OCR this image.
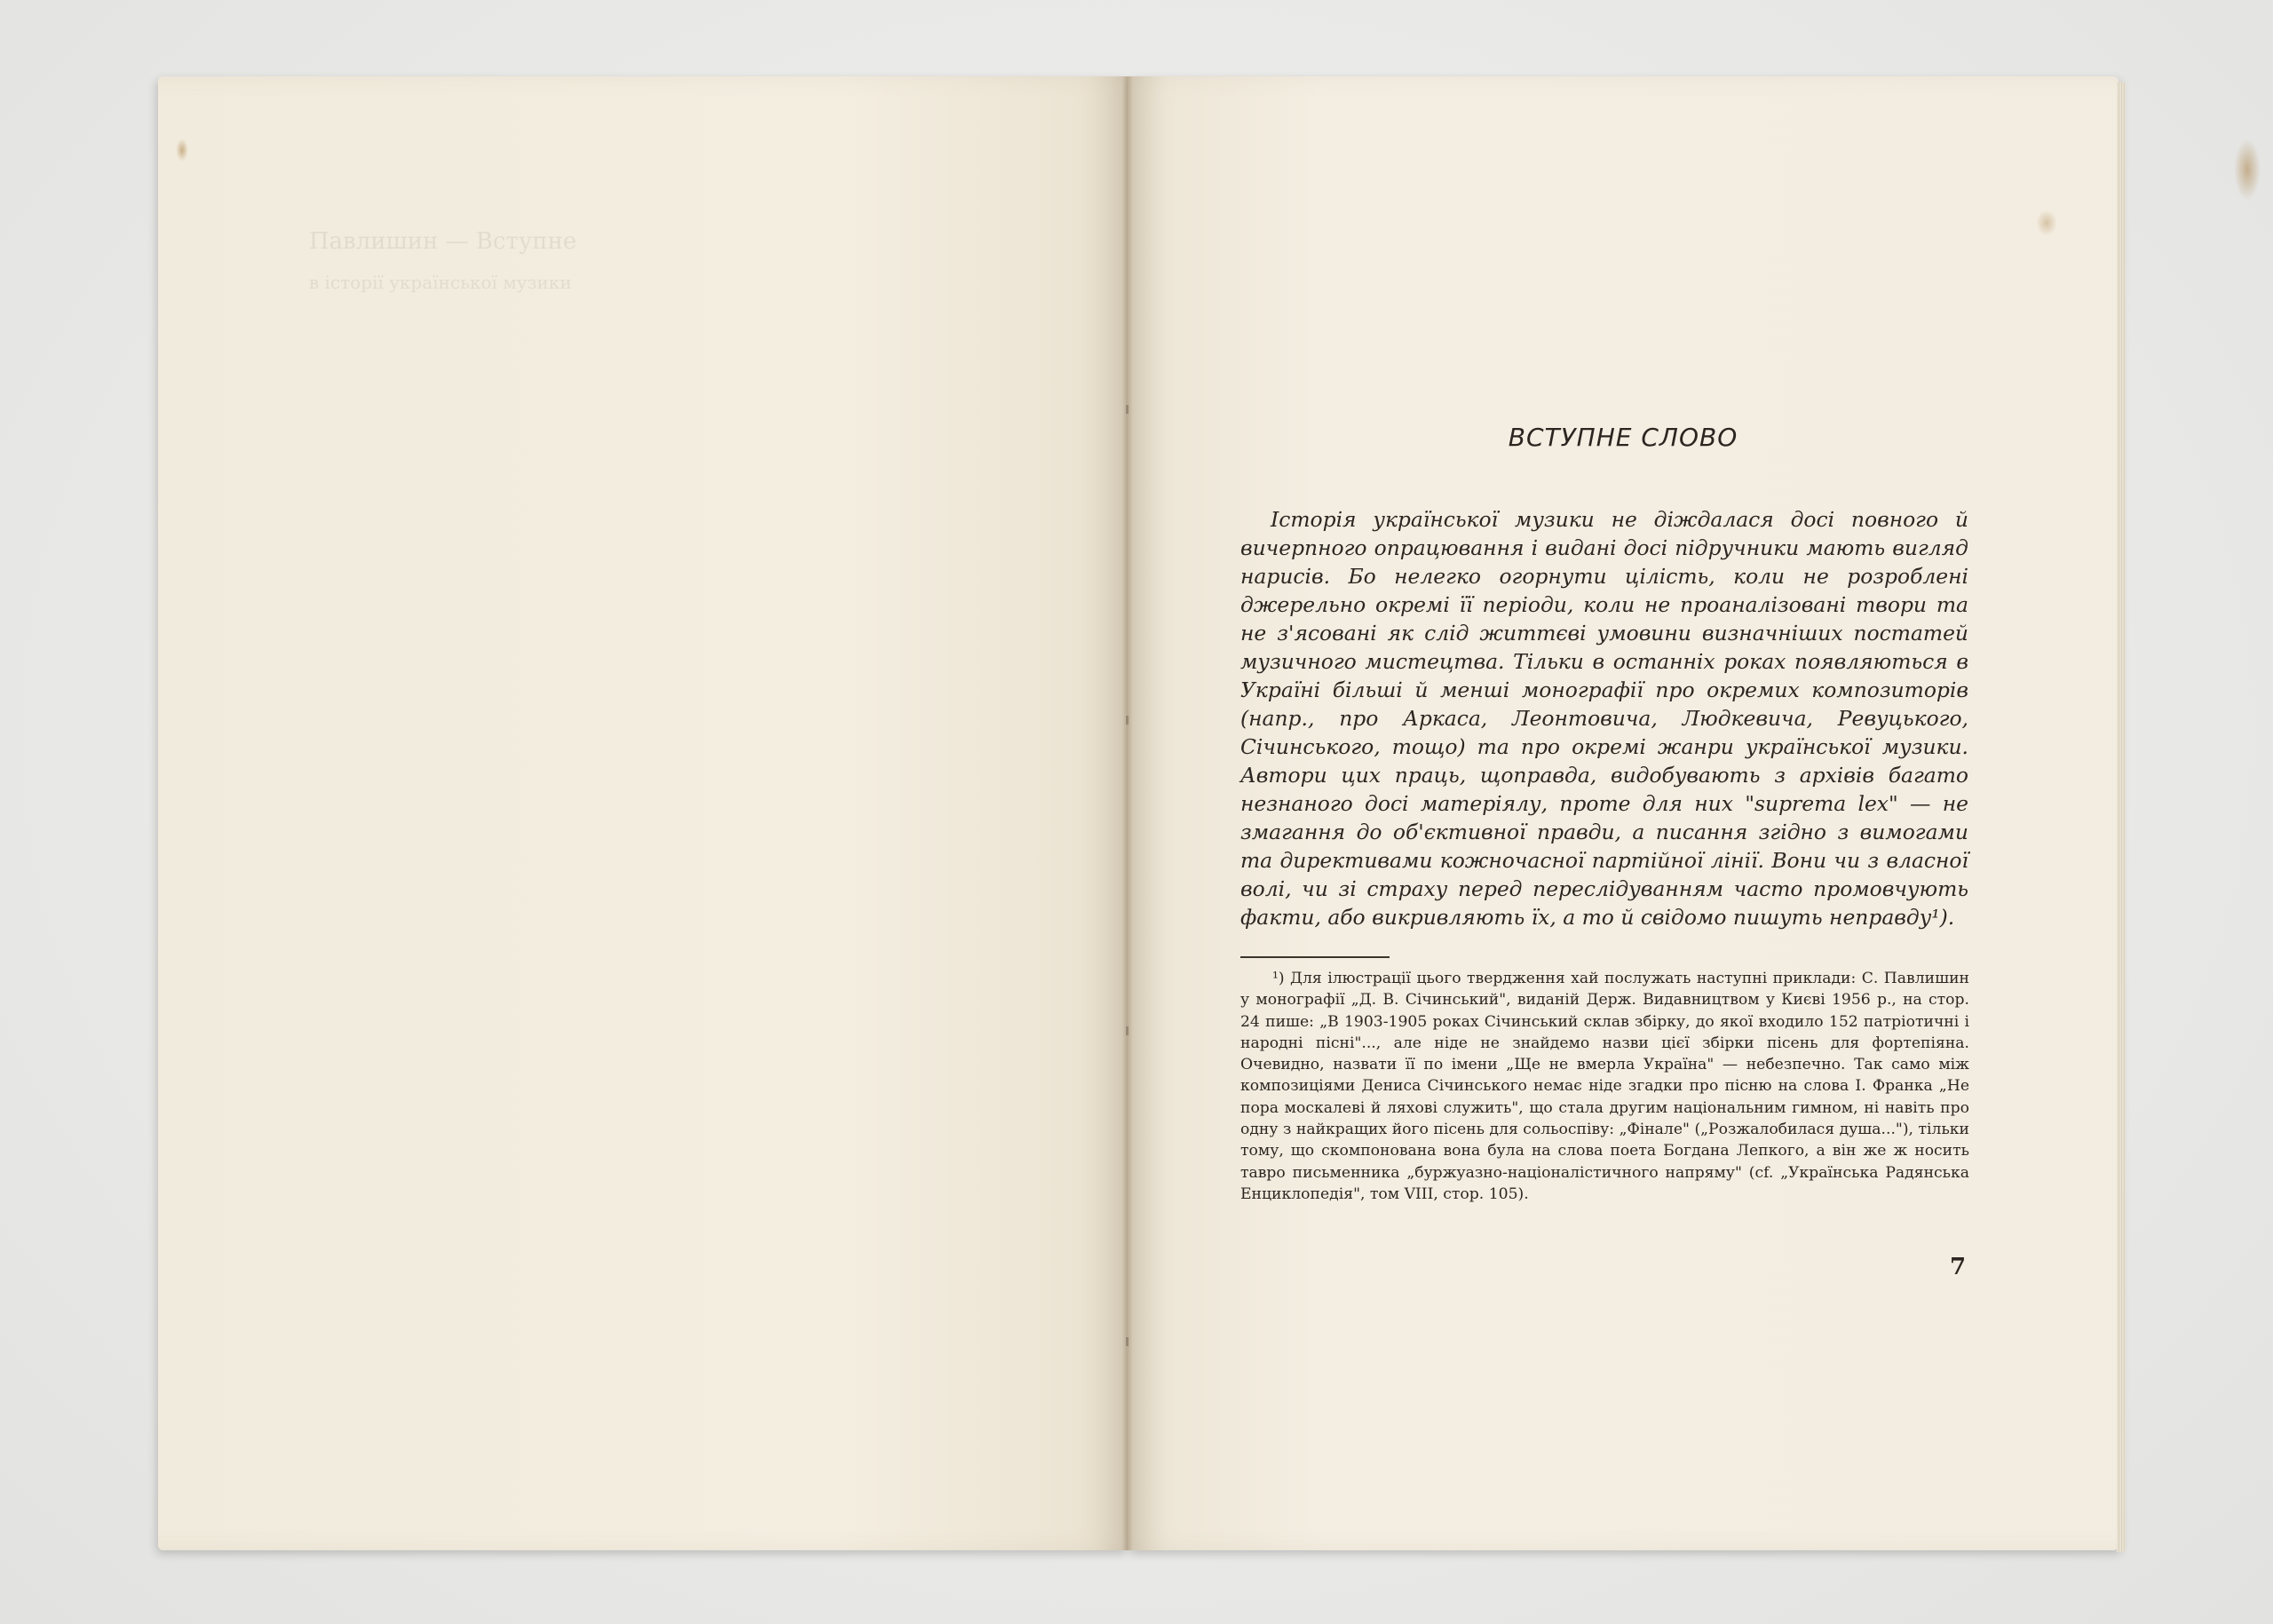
Павлишин — Вступне
в історії української музики
ВСТУПНЕ СЛОВО

Історія української музики не діждалася досі повного й вичерпного опрацювання і видані досі підручники мають вигляд нарисів. Бо нелегко огорнути цілість, коли не розроблені джерельно окремі її періоди, коли не проаналізовані твори та не з'ясовані як слід життєві умовини визначніших постатей музичного мистецтва. Тільки в останніх роках появляються в Україні більші й менші монографії про окремих композиторів (напр., про Аркаса, Леонтовича, Людкевича, Ревуцького, Січинського, тощо) та про окремі жанри української музики. Автори цих праць, щоправда, видобувають з архівів багато незнаного досі матеріялу, проте для них "suprema lex" — не змагання до об'єктивної правди, а писання згідно з вимогами та директивами кожночасної партійної лінії. Вони чи з власної волі, чи зі страху перед переслідуванням часто промовчують факти, або викривляють їх, а то й свідомо пишуть неправду¹).

¹) Для ілюстрації цього твердження хай послужать наступні приклади: С. Павлишин у монографії „Д. В. Січинський", виданій Держ. Видавництвом у Києві 1956 р., на стор. 24 пише: „В 1903-1905 роках Січинський склав збірку, до якої входило 152 патріотичні і народні пісні"..., але ніде не знайдемо назви цієї збірки пісень для фортепіяна. Очевидно, назвати її по імени „Ще не вмерла Україна" — небезпечно. Так само між композиціями Дениса Січинського немає ніде згадки про пісню на слова І. Франка „Не пора москалеві й ляхові служить", що стала другим національним гимном, ні навіть про одну з найкращих його пісень для сольоспіву: „Фінале" („Розжалобилася душа..."), тільки тому, що скомпонована вона була на слова поета Богдана Лепкого, а він же ж носить тавро письменника „буржуазно-націоналістичного напряму" (cf. „Українська Радянська Енциклопедія", том VIII, стор. 105).

7
